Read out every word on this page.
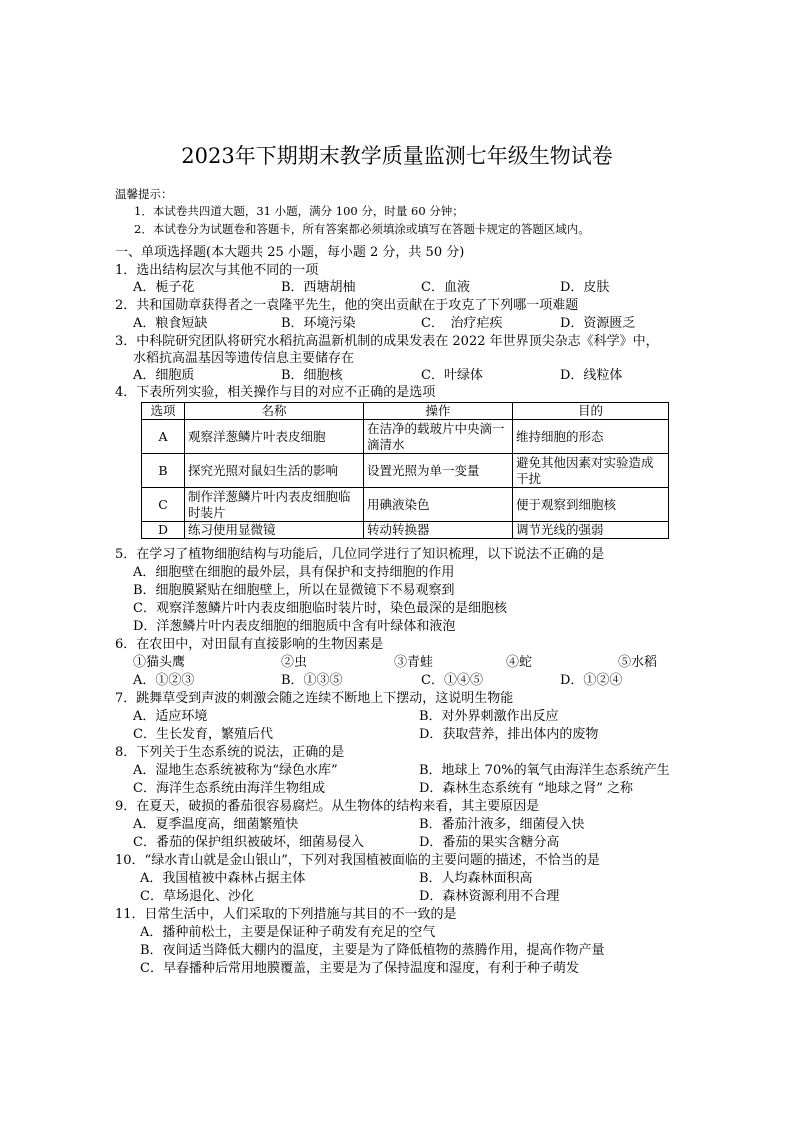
2023年下期期末教学质量监测七年级生物试卷
温馨提示：
1．本试卷共四道大题，31 小题，满分 100 分，时量 60 分钟；
2．本试卷分为试题卷和答题卡，所有答案都必须填涂或填写在答题卡规定的答题区域内。
一、单项选择题(本大题共 25 小题，每小题 2 分，共 50 分)
1．选出结构层次与其他不同的一项
A．栀子花	B．西塘胡柚	C．血液	D．皮肤
2．共和国勋章获得者之一袁隆平先生，他的突出贡献在于攻克了下列哪一项难题
A．粮食短缺	B．环境污染	C．　治疗疟疾	D．资源匮乏
3．中科院研究团队将研究水稻抗高温新机制的成果发表在 2022 年世界顶尖杂志《科学》中，
水稻抗高温基因等遗传信息主要储存在
A．细胞质	B．细胞核	C．叶绿体	D．线粒体
4．下表所列实验，相关操作与目的对应不正确的是选项
选项	名称	操作	目的
A	观察洋葱鳞片叶表皮细胞	在洁净的载玻片中央滴一滴清水	维持细胞的形态
B	探究光照对鼠妇生活的影响	设置光照为单一变量	避免其他因素对实验造成干扰
C	制作洋葱鳞片叶内表皮细胞临时装片	用碘液染色	便于观察到细胞核
D	练习使用显微镜	转动转换器	调节光线的强弱
5．在学习了植物细胞结构与功能后，几位同学进行了知识梳理，以下说法不正确的是
A．细胞壁在细胞的最外层，具有保护和支持细胞的作用
B．细胞膜紧贴在细胞壁上，所以在显微镜下不易观察到
C．观察洋葱鳞片叶内表皮细胞临时装片时，染色最深的是细胞核
D．洋葱鳞片叶内表皮细胞的细胞质中含有叶绿体和液泡
6．在农田中，对田鼠有直接影响的生物因素是
①猫头鹰	②虫	③青蛙	④蛇	⑤水稻
A．①②③	B．①③⑤	C．①④⑤	D．①②④
7．跳舞草受到声波的刺激会随之连续不断地上下摆动，这说明生物能
A．适应环境	B．对外界刺激作出反应
C．生长发育，繁殖后代	D．获取营养，排出体内的废物
8．下列关于生态系统的说法，正确的是
A．湿地生态系统被称为“绿色水库”	B．地球上 70%的氧气由海洋生态系统产生
C．海洋生态系统由海洋生物组成	D．森林生态系统有 “地球之肾” 之称
9．在夏天，破损的番茄很容易腐烂。从生物体的结构来看，其主要原因是
A．夏季温度高，细菌繁殖快	B．番茄汁液多，细菌侵入快
C．番茄的保护组织被破坏，细菌易侵入	D．番茄的果实含糖分高
10．“绿水青山就是金山银山”，下列对我国植被面临的主要问题的描述，不恰当的是
A．我国植被中森林占据主体	B．人均森林面积高
C．草场退化、沙化	D．森林资源利用不合理
11．日常生活中，人们采取的下列措施与其目的不一致的是
A．播种前松土，主要是保证种子萌发有充足的空气
B．夜间适当降低大棚内的温度，主要是为了降低植物的蒸腾作用，提高作物产量
C．早春播种后常用地膜覆盖，主要是为了保持温度和湿度，有利于种子萌发
